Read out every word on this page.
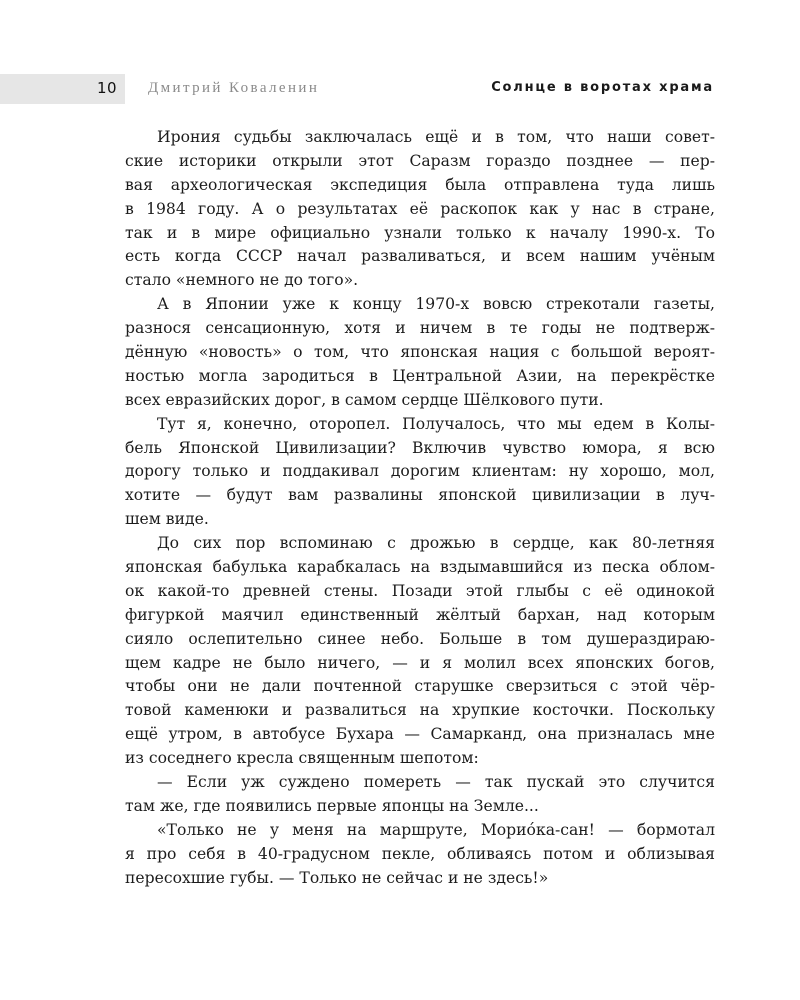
10 Дмитрий Коваленин	Солнце в воротах храма
Ирония судьбы заключалась ещё и в том, что наши совет-
ские историки открыли этот Саразм гораздо позднее — пер-
вая археологическая экспедиция была отправлена туда лишь
в 1984 году. А о результатах её раскопок как у нас в стране,
так и в мире официально узнали только к началу 1990-х. То
есть когда СССР начал разваливаться, и всем нашим учёным
стало «немного не до того».
А в Японии уже к концу 1970-х вовсю стрекотали газеты,
разнося сенсационную, хотя и ничем в те годы не подтверж-
дённую «новость» о том, что японская нация с большой вероят-
ностью могла зародиться в Центральной Азии, на перекрёстке
всех евразийских дорог, в самом сердце Шёлкового пути.
Тут я, конечно, оторопел. Получалось, что мы едем в Колы-
бель Японской Цивилизации? Включив чувство юмора, я всю
дорогу только и поддакивал дорогим клиентам: ну хорошо, мол,
хотите — будут вам развалины японской цивилизации в луч-
шем виде.
До сих пор вспоминаю с дрожью в сердце, как 80-летняя
японская бабулька карабкалась на вздымавшийся из песка облом-
ок какой-то древней стены. Позади этой глыбы с её одинокой
фигуркой маячил единственный жёлтый бархан, над которым
сияло ослепительно синее небо. Больше в том душераздираю-
щем кадре не было ничего, — и я молил всех японских богов,
чтобы они не дали почтенной старушке сверзиться с этой чёр-
товой каменюки и развалиться на хрупкие косточки. Поскольку
ещё утром, в автобусе Бухара — Самарканд, она призналась мне
из соседнего кресла священным шепотом:
— Если уж суждено помереть — так пускай это случится
там же, где появились первые японцы на Земле...
«Только не у меня на маршруте, Морио́ка-сан! — бормотал
я про себя в 40-градусном пекле, обливаясь потом и облизывая
пересохшие губы. — Только не сейчас и не здесь!»
